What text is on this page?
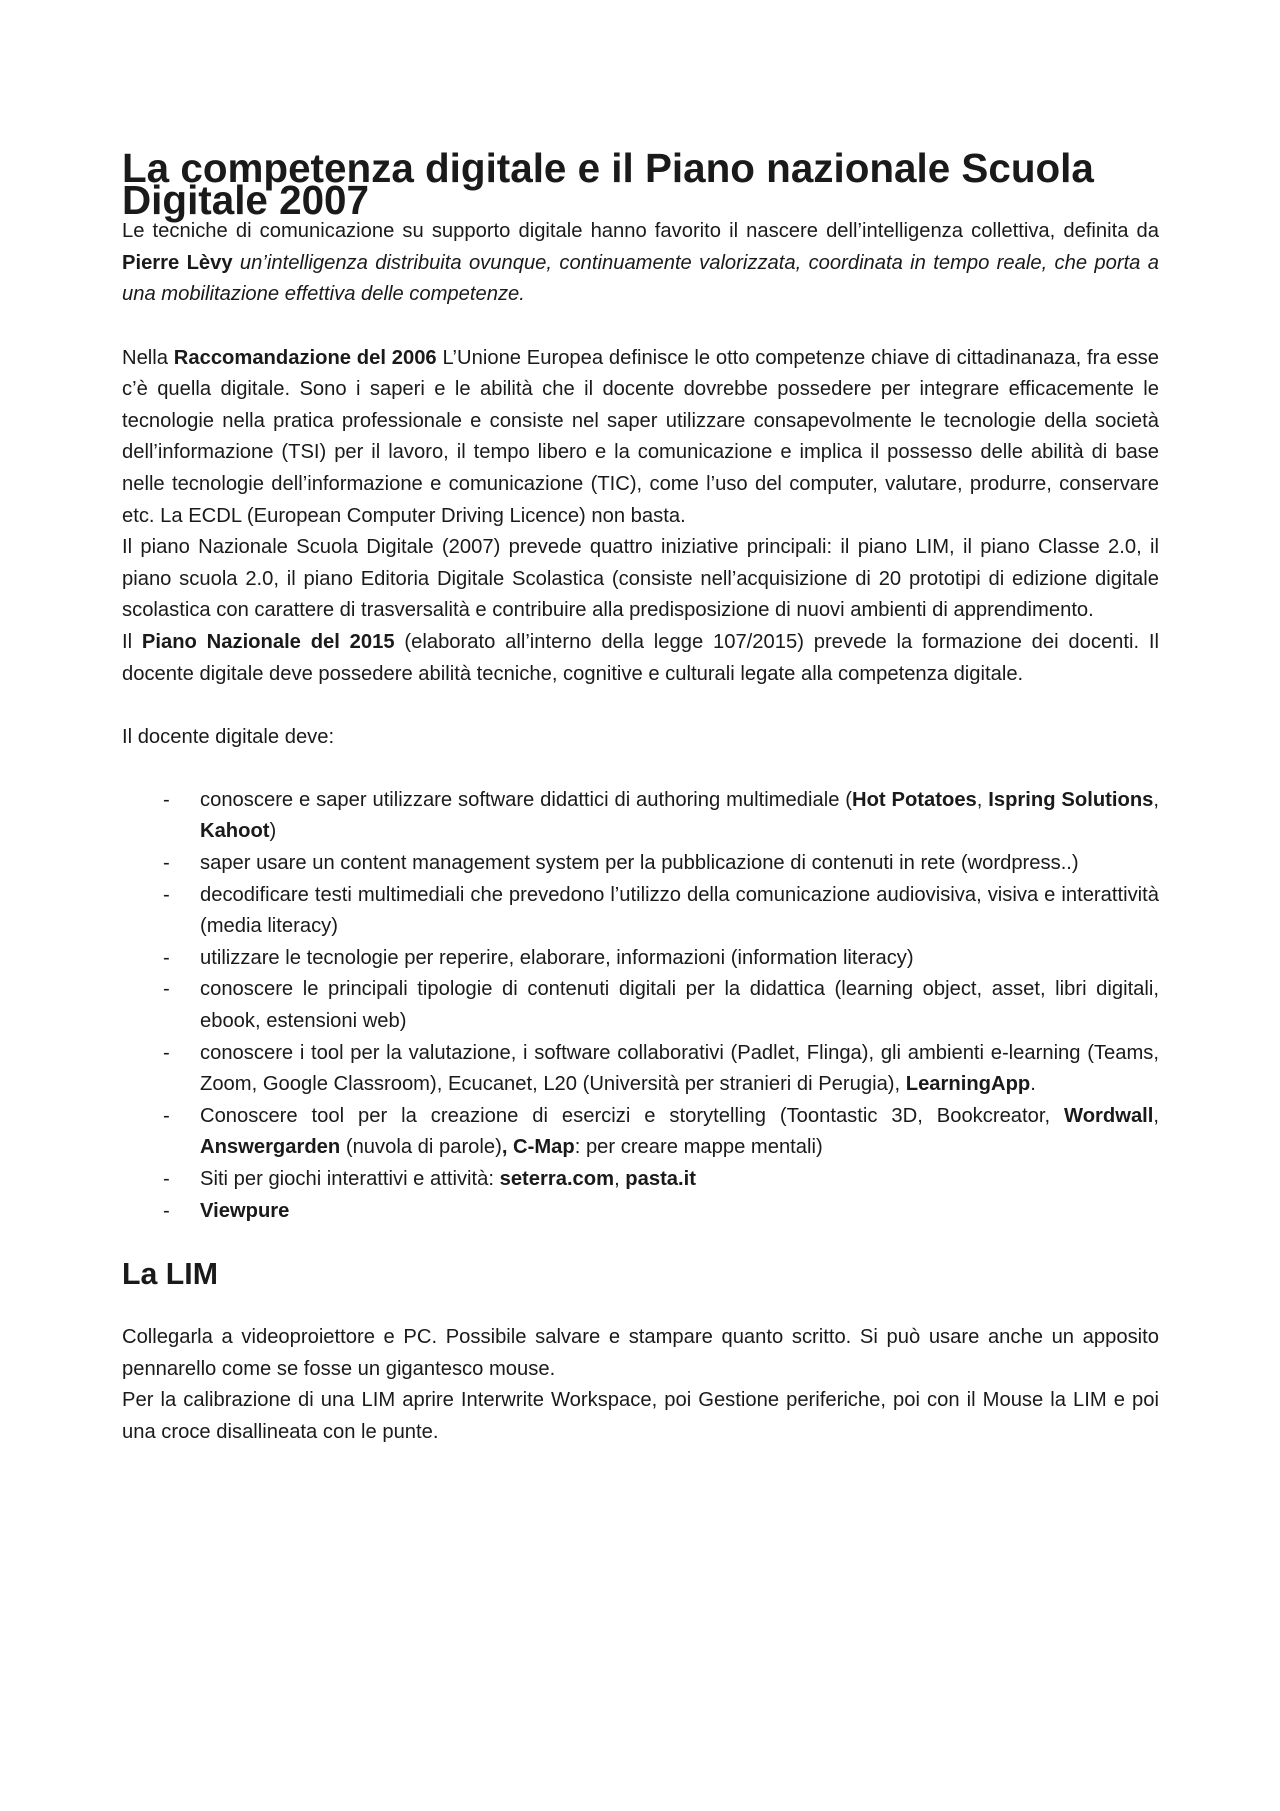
La competenza digitale e il Piano nazionale Scuola Digitale 2007

Le tecniche di comunicazione su supporto digitale hanno favorito il nascere dell’intelligenza collettiva, definita da Pierre Lèvy un’intelligenza distribuita ovunque, continuamente valorizzata, coordinata in tempo reale, che porta a una mobilitazione effettiva delle competenze.

Nella Raccomandazione del 2006 L’Unione Europea definisce le otto competenze chiave di cittadinanaza, fra esse c’è quella digitale. Sono i saperi e le abilità che il docente dovrebbe possedere per integrare efficacemente le tecnologie nella pratica professionale e consiste nel saper utilizzare consapevolmente le tecnologie della società dell’informazione (TSI) per il lavoro, il tempo libero e la comunicazione e implica il possesso delle abilità di base nelle tecnologie dell’informazione e comunicazione (TIC), come l’uso del computer, valutare, produrre, conservare etc. La ECDL (European Computer Driving Licence) non basta.

Il piano Nazionale Scuola Digitale (2007) prevede quattro iniziative principali: il piano LIM, il piano Classe 2.0, il piano scuola 2.0, il piano Editoria Digitale Scolastica (consiste nell’acquisizione di 20 prototipi di edizione digitale scolastica con carattere di trasversalità e contribuire alla predisposizione di nuovi ambienti di apprendimento.

Il Piano Nazionale del 2015 (elaborato all’interno della legge 107/2015) prevede la formazione dei docenti. Il docente digitale deve possedere abilità tecniche, cognitive e culturali legate alla competenza digitale.

Il docente digitale deve:

- conoscere e saper utilizzare software didattici di authoring multimediale (Hot Potatoes, Ispring Solutions, Kahoot)
- saper usare un content management system per la pubblicazione di contenuti in rete (wordpress..)
- decodificare testi multimediali che prevedono l’utilizzo della comunicazione audiovisiva, visiva e interattività (media literacy)
- utilizzare le tecnologie per reperire, elaborare, informazioni (information literacy)
- conoscere le principali tipologie di contenuti digitali per la didattica (learning object, asset, libri digitali, ebook, estensioni web)
- conoscere i tool per la valutazione, i software collaborativi (Padlet, Flinga), gli ambienti e-learning (Teams, Zoom, Google Classroom), Ecucanet, L20 (Università per stranieri di Perugia), LearningApp.
- Conoscere tool per la creazione di esercizi e storytelling (Toontastic 3D, Bookcreator, Wordwall, Answergarden (nuvola di parole), C-Map: per creare mappe mentali)
- Siti per giochi interattivi e attività: seterra.com, pasta.it
- Viewpure
La LIM

Collegarla a videoproiettore e PC. Possibile salvare e stampare quanto scritto. Si può usare anche un apposito pennarello come se fosse un gigantesco mouse.

Per la calibrazione di una LIM aprire Interwrite Workspace, poi Gestione periferiche, poi con il Mouse la LIM e poi una croce disallineata con le punte.
